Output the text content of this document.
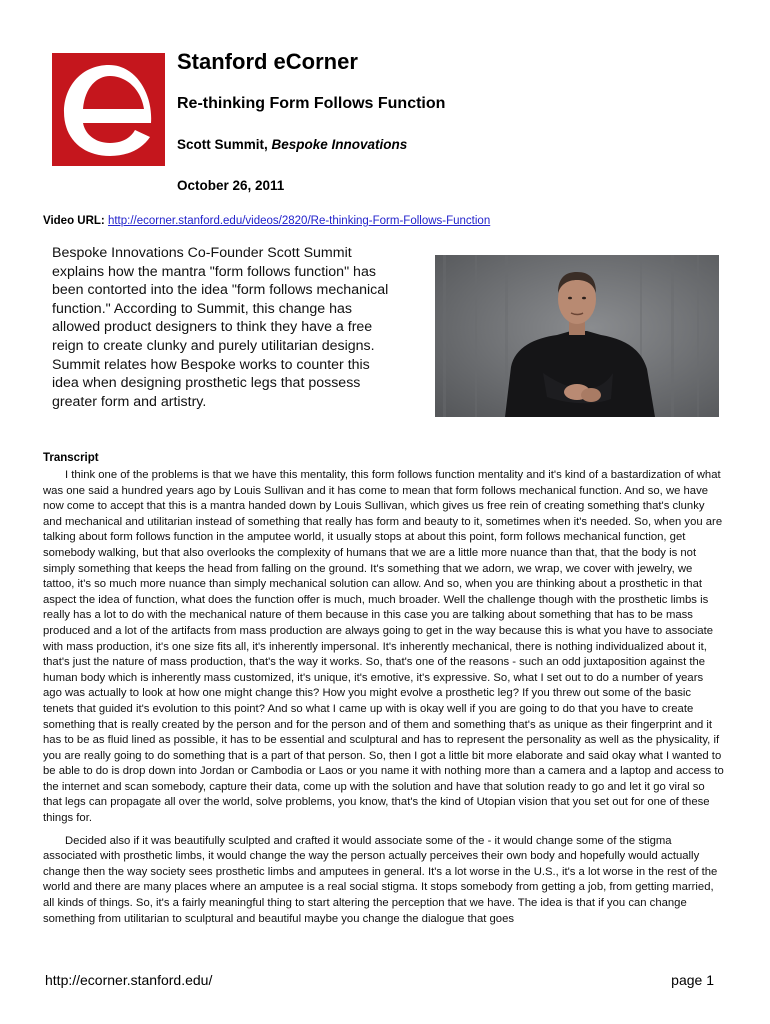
Stanford eCorner
Re-thinking Form Follows Function
Scott Summit, Bespoke Innovations
October 26, 2011
Video URL: http://ecorner.stanford.edu/videos/2820/Re-thinking-Form-Follows-Function
Bespoke Innovations Co-Founder Scott Summit explains how the mantra "form follows function" has been contorted into the idea "form follows mechanical function." According to Summit, this change has allowed product designers to think they have a free reign to create clunky and purely utilitarian designs. Summit relates how Bespoke works to counter this idea when designing prosthetic legs that possess greater form and artistry.
Transcript

I think one of the problems is that we have this mentality, this form follows function mentality and it's kind of a bastardization of what was one said a hundred years ago by Louis Sullivan and it has come to mean that form follows mechanical function. And so, we have now come to accept that this is a mantra handed down by Louis Sullivan, which gives us free rein of creating something that's clunky and mechanical and utilitarian instead of something that really has form and beauty to it, sometimes when it's needed. So, when you are talking about form follows function in the amputee world, it usually stops at about this point, form follows mechanical function, get somebody walking, but that also overlooks the complexity of humans that we are a little more nuance than that, that the body is not simply something that keeps the head from falling on the ground. It's something that we adorn, we wrap, we cover with jewelry, we tattoo, it's so much more nuance than simply mechanical solution can allow. And so, when you are thinking about a prosthetic in that aspect the idea of function, what does the function offer is much, much broader. Well the challenge though with the prosthetic limbs is really has a lot to do with the mechanical nature of them because in this case you are talking about something that has to be mass produced and a lot of the artifacts from mass production are always going to get in the way because this is what you have to associate with mass production, it's one size fits all, it's inherently impersonal. It's inherently mechanical, there is nothing individualized about it, that's just the nature of mass production, that's the way it works. So, that's one of the reasons - such an odd juxtaposition against the human body which is inherently mass customized, it's unique, it's emotive, it's expressive. So, what I set out to do a number of years ago was actually to look at how one might change this? How you might evolve a prosthetic leg? If you threw out some of the basic tenets that guided it's evolution to this point? And so what I came up with is okay well if you are going to do that you have to create something that is really created by the person and for the person and of them and something that's as unique as their fingerprint and it has to be as fluid lined as possible, it has to be essential and sculptural and has to represent the personality as well as the physicality, if you are really going to do something that is a part of that person. So, then I got a little bit more elaborate and said okay what I wanted to be able to do is drop down into Jordan or Cambodia or Laos or you name it with nothing more than a camera and a laptop and access to the internet and scan somebody, capture their data, come up with the solution and have that solution ready to go and let it go viral so that legs can propagate all over the world, solve problems, you know, that's the kind of Utopian vision that you set out for one of these things for.

Decided also if it was beautifully sculpted and crafted it would associate some of the - it would change some of the stigma associated with prosthetic limbs, it would change the way the person actually perceives their own body and hopefully would actually change then the way society sees prosthetic limbs and amputees in general. It's a lot worse in the U.S., it's a lot worse in the rest of the world and there are many places where an amputee is a real social stigma. It stops somebody from getting a job, from getting married, all kinds of things. So, it's a fairly meaningful thing to start altering the perception that we have. The idea is that if you can change something from utilitarian to sculptural and beautiful maybe you change the dialogue that goes

http://ecorner.stanford.edu/	page 1
